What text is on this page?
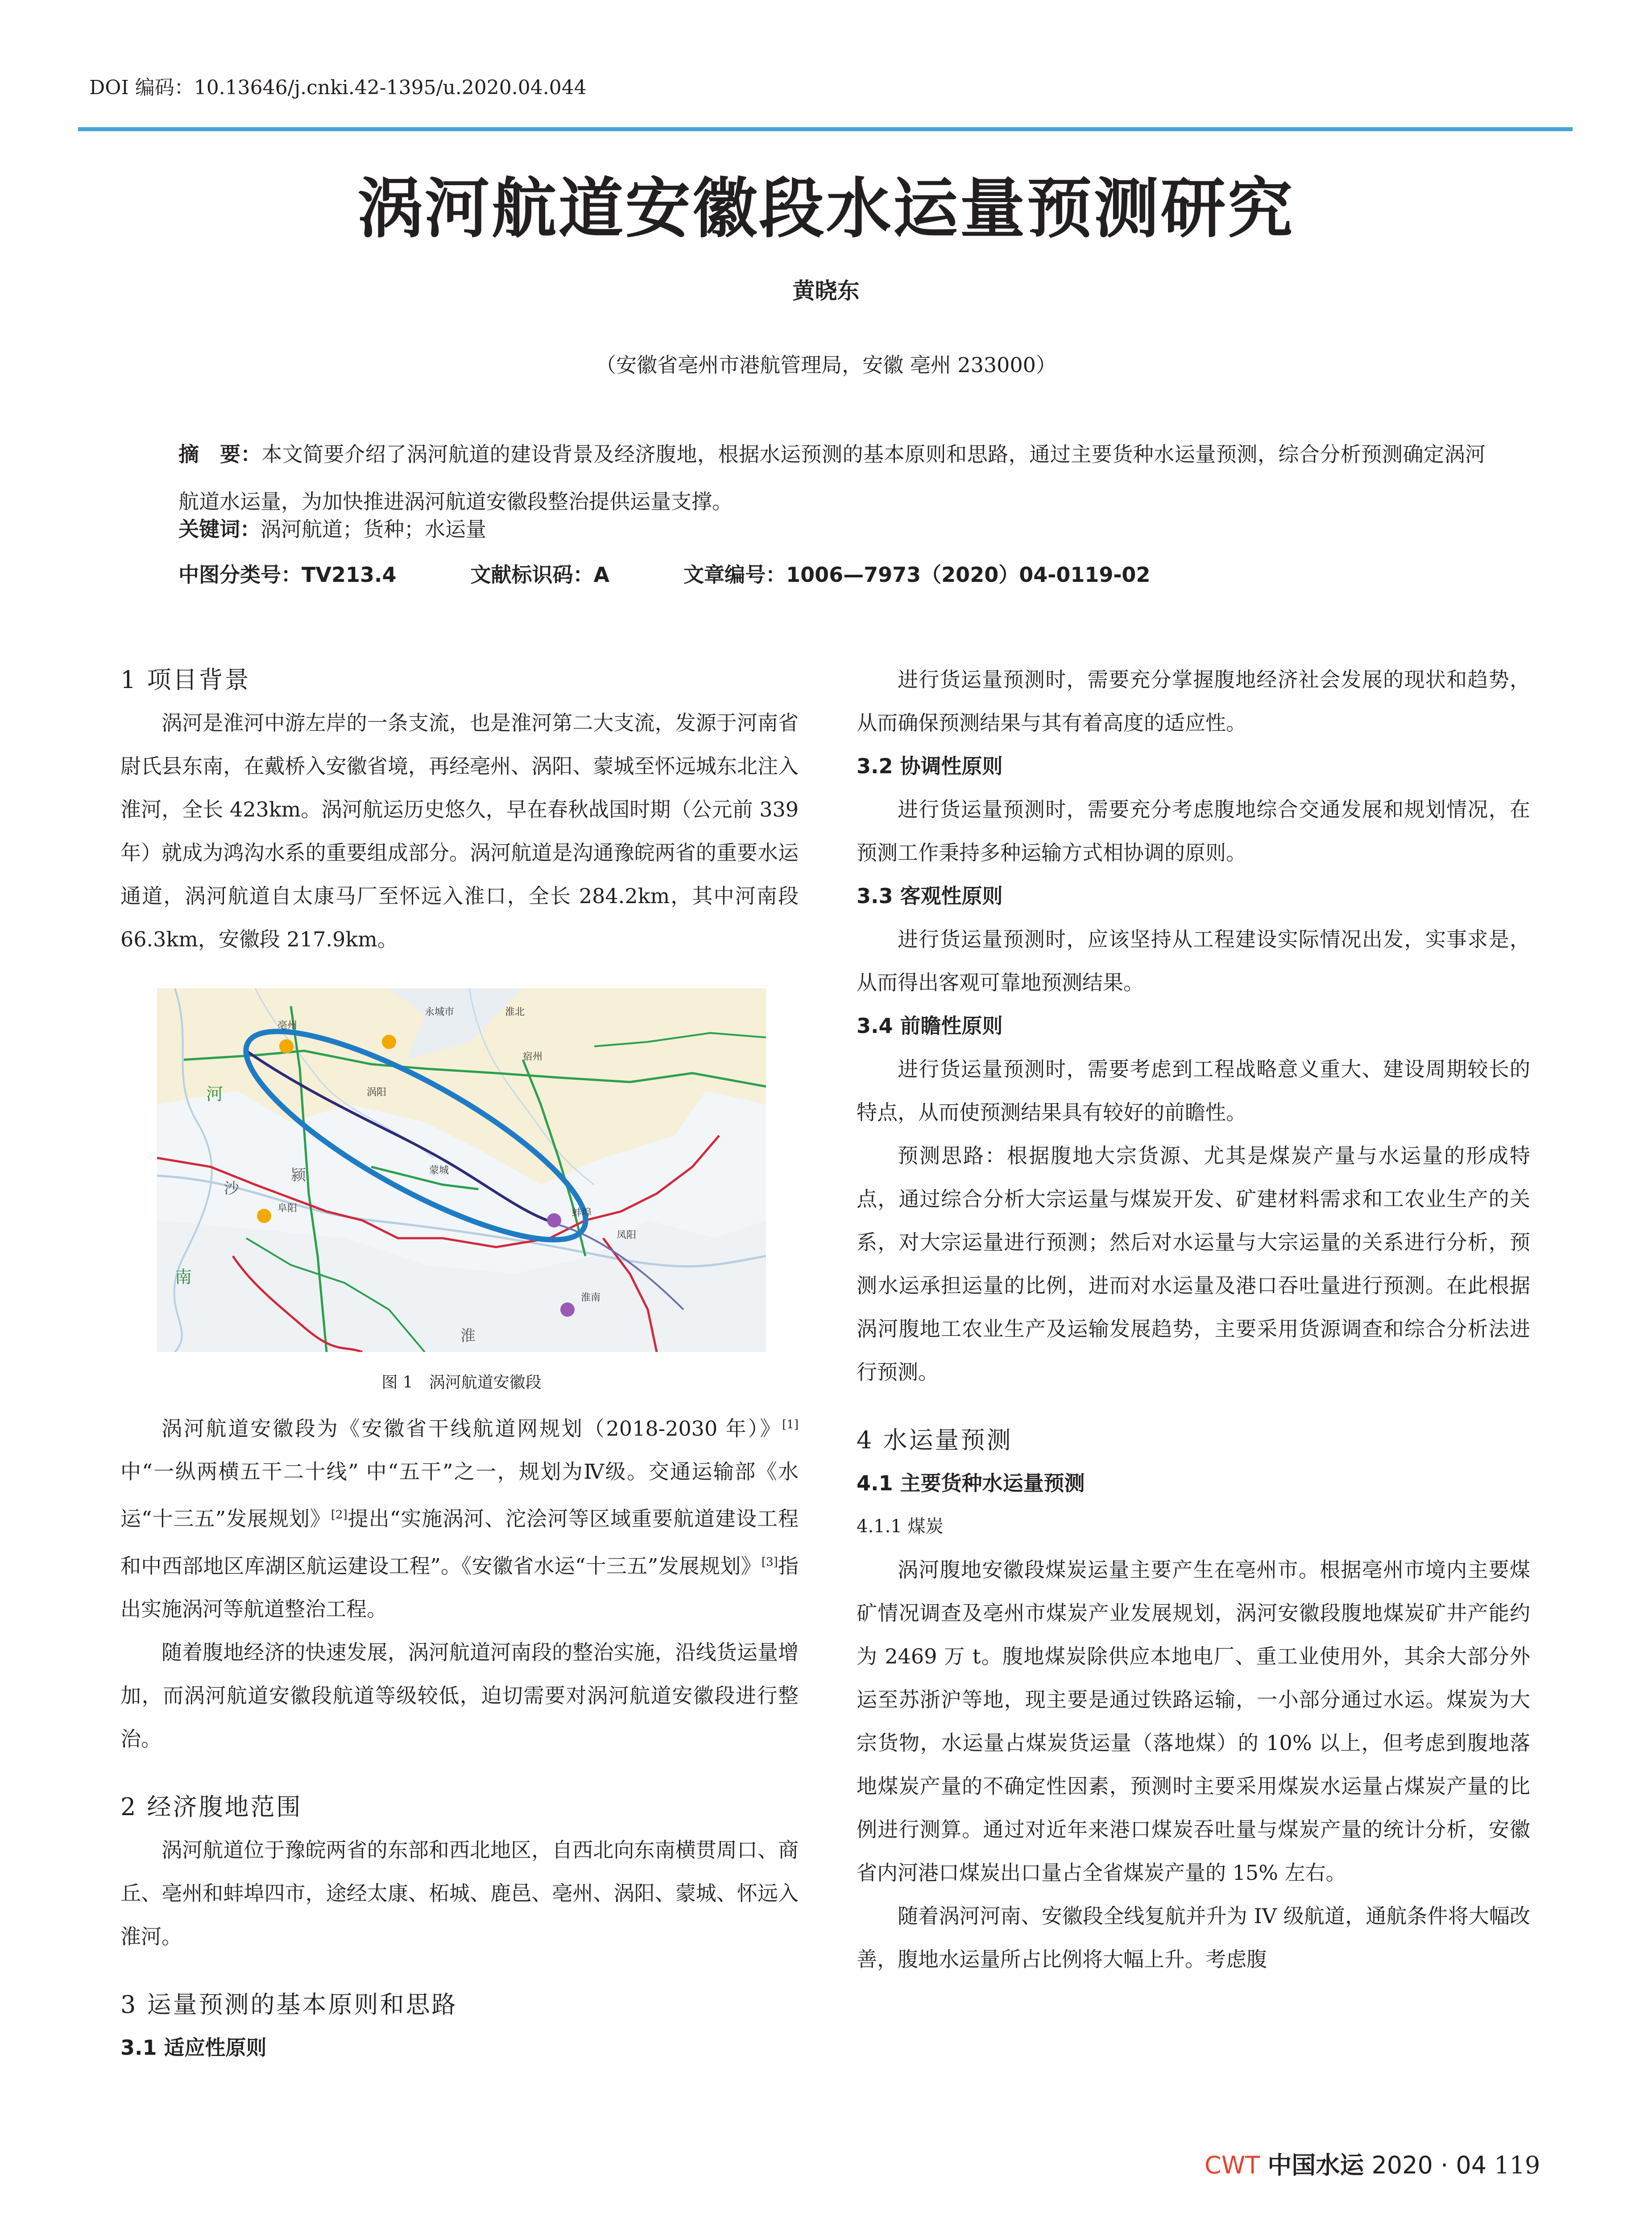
DOI 编码：10.13646/j.cnki.42-1395/u.2020.04.044
涡河航道安徽段水运量预测研究
黄晓东
（安徽省亳州市港航管理局，安徽 亳州 233000）
摘　要：本文简要介绍了涡河航道的建设背景及经济腹地，根据水运预测的基本原则和思路，通过主要货种水运量预测，综合分析预测确定涡河航道水运量，为加快推进涡河航道安徽段整治提供运量支撑。
关键词：涡河航道；货种；水运量
中图分类号：TV213.4	文献标识码：A	文章编号：1006—7973（2020）04-0119-02

1 项目背景

涡河是淮河中游左岸的一条支流，也是淮河第二大支流，发源于河南省尉氏县东南，在戴桥入安徽省境，再经亳州、涡阳、蒙城至怀远城东北注入淮河，全长 423km。涡河航运历史悠久，早在春秋战国时期（公元前 339 年）就成为鸿沟水系的重要组成部分。涡河航道是沟通豫皖两省的重要水运通道，涡河航道自太康马厂至怀远入淮口，全长 284.2km，其中河南段 66.3km，安徽段 217.9km。

河
南
亳州
涡阳
蒙城
蚌埠
淮南
阜阳
宿州
淮北
凤阳
永城市
淮
颍
沙
图 1　涡河航道安徽段

涡河航道安徽段为《安徽省干线航道网规划（2018-2030 年）》[1]中“一纵两横五干二十线” 中“五干”之一，规划为Ⅳ级。交通运输部《水运“十三五”发展规划》[2]提出“实施涡河、沱浍河等区域重要航道建设工程和中西部地区库湖区航运建设工程”。《安徽省水运“十三五”发展规划》[3]指出实施涡河等航道整治工程。

随着腹地经济的快速发展，涡河航道河南段的整治实施，沿线货运量增加，而涡河航道安徽段航道等级较低，迫切需要对涡河航道安徽段进行整治。

2 经济腹地范围

涡河航道位于豫皖两省的东部和西北地区，自西北向东南横贯周口、商丘、亳州和蚌埠四市，途经太康、柘城、鹿邑、亳州、涡阳、蒙城、怀远入淮河。

3 运量预测的基本原则和思路

3.1 适应性原则

进行货运量预测时，需要充分掌握腹地经济社会发展的现状和趋势，从而确保预测结果与其有着高度的适应性。

3.2 协调性原则

进行货运量预测时，需要充分考虑腹地综合交通发展和规划情况，在预测工作秉持多种运输方式相协调的原则。

3.3 客观性原则

进行货运量预测时，应该坚持从工程建设实际情况出发，实事求是，从而得出客观可靠地预测结果。

3.4 前瞻性原则

进行货运量预测时，需要考虑到工程战略意义重大、建设周期较长的特点，从而使预测结果具有较好的前瞻性。

预测思路：根据腹地大宗货源、尤其是煤炭产量与水运量的形成特点，通过综合分析大宗运量与煤炭开发、矿建材料需求和工农业生产的关系，对大宗运量进行预测；然后对水运量与大宗运量的关系进行分析，预测水运承担运量的比例，进而对水运量及港口吞吐量进行预测。在此根据涡河腹地工农业生产及运输发展趋势，主要采用货源调查和综合分析法进行预测。

4 水运量预测

4.1 主要货种水运量预测

4.1.1 煤炭

涡河腹地安徽段煤炭运量主要产生在亳州市。根据亳州市境内主要煤矿情况调查及亳州市煤炭产业发展规划，涡河安徽段腹地煤炭矿井产能约为 2469 万 t。腹地煤炭除供应本地电厂、重工业使用外，其余大部分外运至苏浙沪等地，现主要是通过铁路运输，一小部分通过水运。煤炭为大宗货物，水运量占煤炭货运量（落地煤）的 10% 以上，但考虑到腹地落地煤炭产量的不确定性因素，预测时主要采用煤炭水运量占煤炭产量的比例进行测算。通过对近年来港口煤炭吞吐量与煤炭产量的统计分析，安徽省内河港口煤炭出口量占全省煤炭产量的 15% 左右。

随着涡河河南、安徽段全线复航并升为 IV 级航道，通航条件将大幅改善，腹地水运量所占比例将大幅上升。考虑腹

CWT 中国水运 2020 · 04 119
